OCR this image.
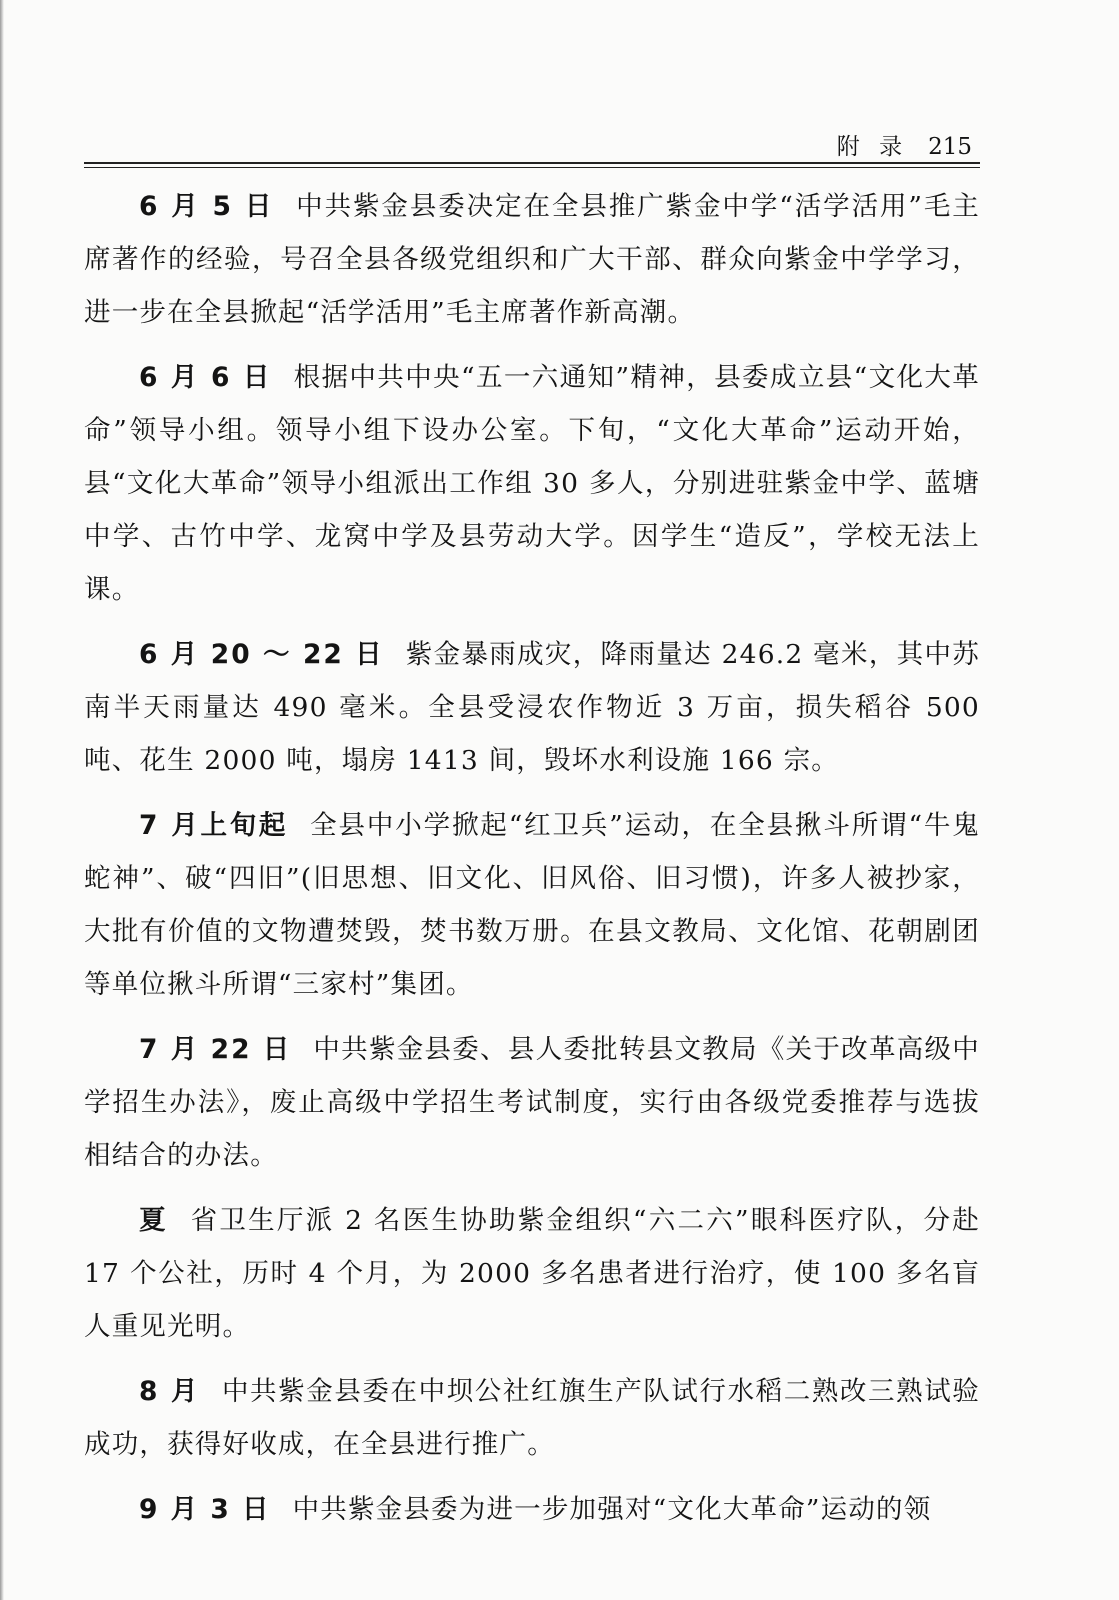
附 录 215

6 月 5 日 中共紫金县委决定在全县推广紫金中学“活学活用”毛主席著作的经验，号召全县各级党组织和广大干部、群众向紫金中学学习，进一步在全县掀起“活学活用”毛主席著作新高潮。

6 月 6 日 根据中共中央“五一六通知”精神，县委成立县“文化大革命”领导小组。领导小组下设办公室。下旬，“文化大革命”运动开始，县“文化大革命”领导小组派出工作组 30 多人，分别进驻紫金中学、蓝塘中学、古竹中学、龙窝中学及县劳动大学。因学生“造反”，学校无法上课。

6 月 20 ～ 22 日 紫金暴雨成灾，降雨量达 246.2 毫米，其中苏南半天雨量达 490 毫米。全县受浸农作物近 3 万亩，损失稻谷 500 吨、花生 2000 吨，塌房 1413 间，毁坏水利设施 166 宗。

7 月上旬起 全县中小学掀起“红卫兵”运动，在全县揪斗所谓“牛鬼蛇神”、破“四旧”(旧思想、旧文化、旧风俗、旧习惯)，许多人被抄家，大批有价值的文物遭焚毁，焚书数万册。在县文教局、文化馆、花朝剧团等单位揪斗所谓“三家村”集团。

7 月 22 日 中共紫金县委、县人委批转县文教局《关于改革高级中学招生办法》，废止高级中学招生考试制度，实行由各级党委推荐与选拔相结合的办法。

夏 省卫生厅派 2 名医生协助紫金组织“六二六”眼科医疗队，分赴 17 个公社，历时 4 个月，为 2000 多名患者进行治疗，使 100 多名盲人重见光明。

8 月 中共紫金县委在中坝公社红旗生产队试行水稻二熟改三熟试验成功，获得好收成，在全县进行推广。

9 月 3 日 中共紫金县委为进一步加强对“文化大革命”运动的领
